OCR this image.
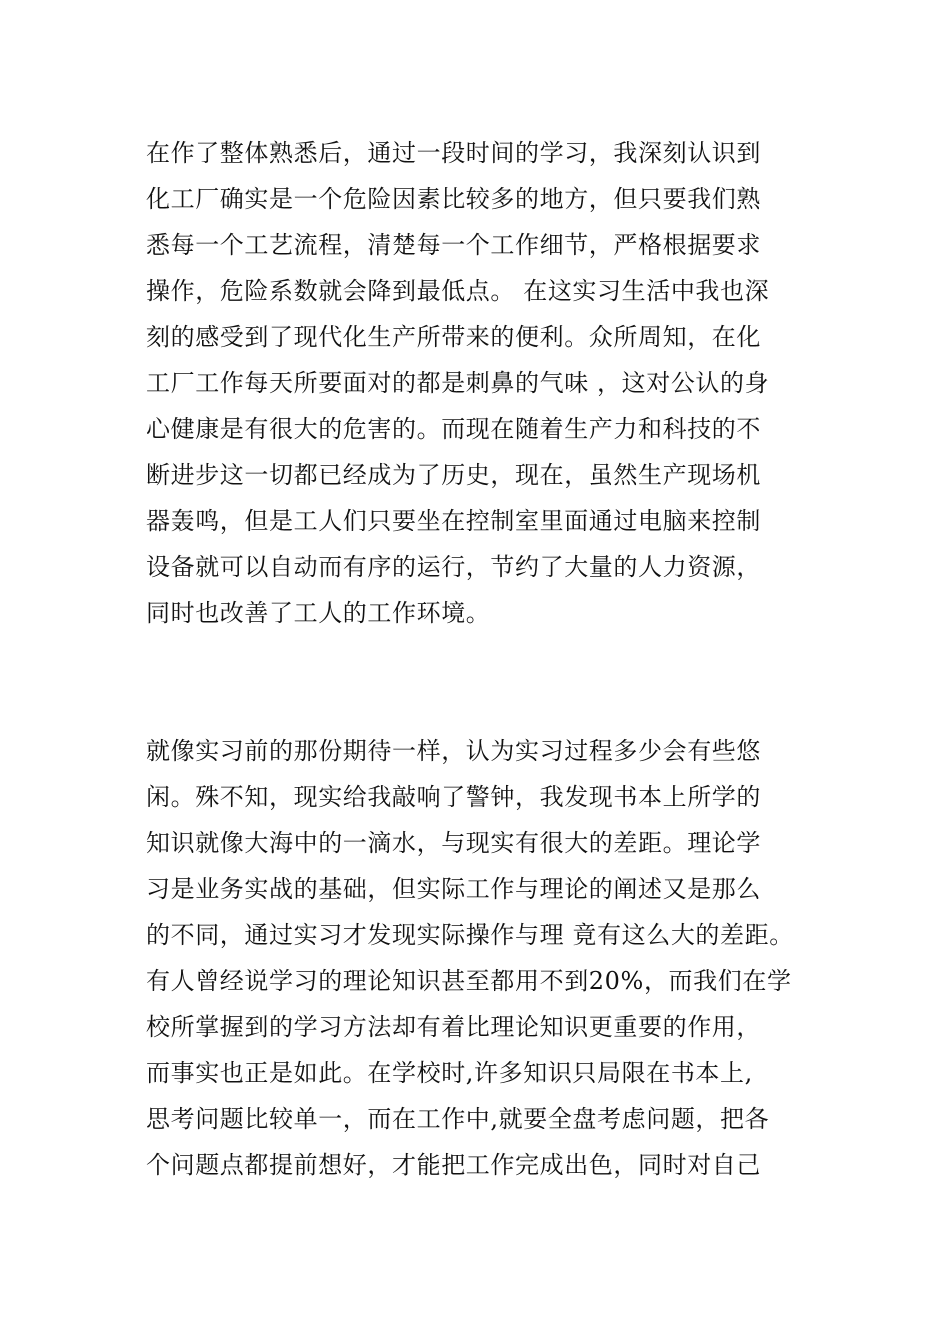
在作了整体熟悉后，通过一段时间的学习，我深刻认识到
化工厂确实是一个危险因素比较多的地方，但只要我们熟
悉每一个工艺流程，清楚每一个工作细节，严格根据要求
操作，危险系数就会降到最低点。 在这实习生活中我也深
刻的感受到了现代化生产所带来的便利。众所周知，在化
工厂工作每天所要面对的都是刺鼻的气味 ，这对公认的身
心健康是有很大的危害的。而现在随着生产力和科技的不
断进步这一切都已经成为了历史，现在，虽然生产现场机
器轰鸣，但是工人们只要坐在控制室里面通过电脑来控制
设备就可以自动而有序的运行，节约了大量的人力资源，
同时也改善了工人的工作环境。
就像实习前的那份期待一样，认为实习过程多少会有些悠
闲。殊不知，现实给我敲响了警钟，我发现书本上所学的
知识就像大海中的一滴水，与现实有很大的差距。理论学
习是业务实战的基础，但实际工作与理论的阐述又是那么
的不同，通过实习才发现实际操作与理 竟有这么大的差距。
有人曾经说学习的理论知识甚至都用不到20%，而我们在学
校所掌握到的学习方法却有着比理论知识更重要的作用，
而事实也正是如此。在学校时,许多知识只局限在书本上,
思考问题比较单一，而在工作中,就要全盘考虑问题，把各
个问题点都提前想好，才能把工作完成出色，同时对自己
